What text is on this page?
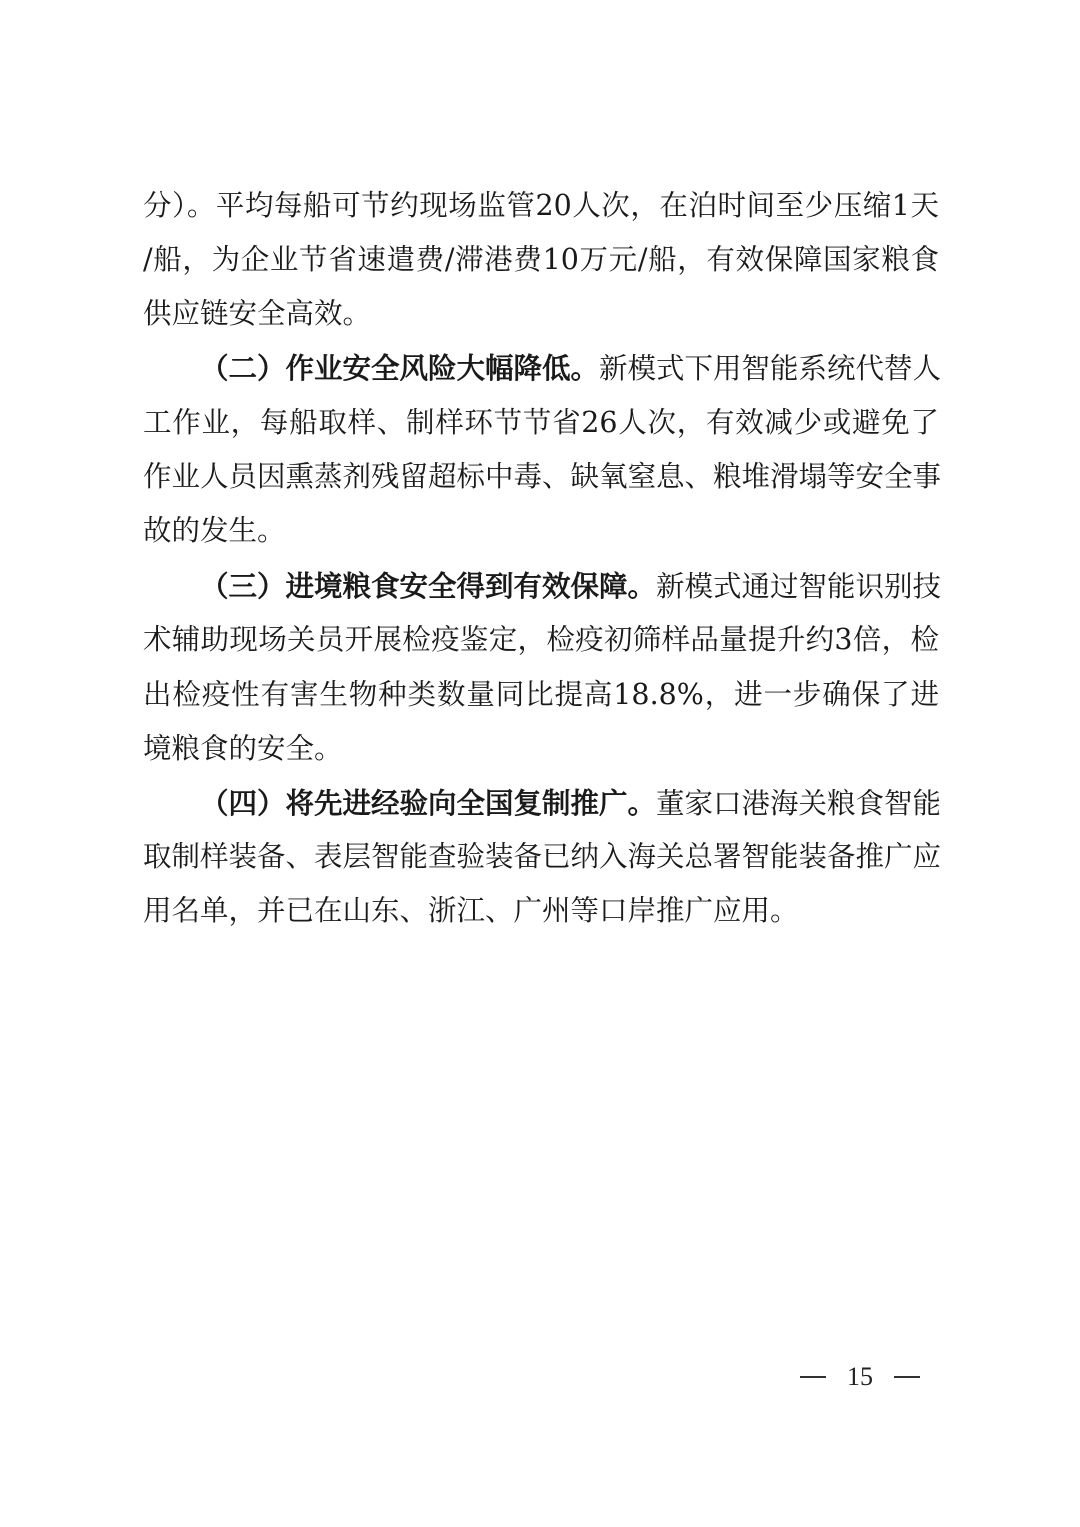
分）。平均每船可节约现场监管20人次，在泊时间至少压缩1天
/船，为企业节省速遣费/滞港费10万元/船，有效保障国家粮食
供应链安全高效。
（二）作业安全风险大幅降低。新模式下用智能系统代替人
工作业，每船取样、制样环节节省26人次，有效减少或避免了
作业人员因熏蒸剂残留超标中毒、缺氧窒息、粮堆滑塌等安全事
故的发生。
（三）进境粮食安全得到有效保障。新模式通过智能识别技
术辅助现场关员开展检疫鉴定，检疫初筛样品量提升约3倍，检
出检疫性有害生物种类数量同比提高18.8%，进一步确保了进
境粮食的安全。
（四）将先进经验向全国复制推广。董家口港海关粮食智能
取制样装备、表层智能查验装备已纳入海关总署智能装备推广应
用名单，并已在山东、浙江、广州等口岸推广应用。
15
